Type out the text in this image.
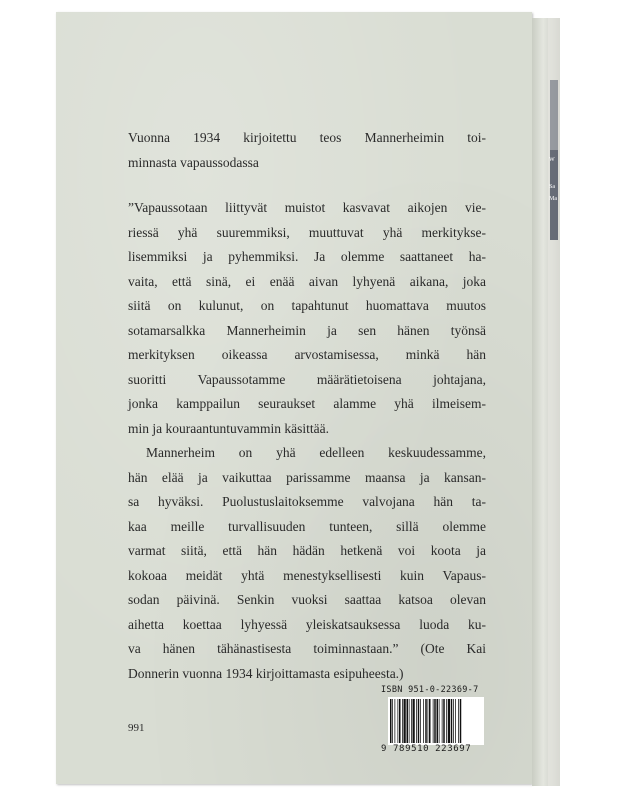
W
Sa
Ma
Vuonna 1934 kirjoitettu teos Mannerheimin toi-
minnasta vapaussodassa
”Vapaussotaan liittyvät muistot kasvavat aikojen vie-
riessä yhä suuremmiksi, muuttuvat yhä merkitykse-
lisemmiksi ja pyhemmiksi. Ja olemme saattaneet ha-
vaita, että sinä, ei enää aivan lyhyenä aikana, joka
siitä on kulunut, on tapahtunut huomattava muutos
sotamarsalkka Mannerheimin ja sen hänen työnsä
merkityksen oikeassa arvostamisessa, minkä hän
suoritti Vapaussotamme määrätietoisena johtajana,
jonka kamppailun seuraukset alamme yhä ilmeisem-
min ja kouraantuntuvammin käsittää.
Mannerheim on yhä edelleen keskuudessamme,
hän elää ja vaikuttaa parissamme maansa ja kansan-
sa hyväksi. Puolustuslaitoksemme valvojana hän ta-
kaa meille turvallisuuden tunteen, sillä olemme
varmat siitä, että hän hädän hetkenä voi koota ja
kokoaa meidät yhtä menestyksellisesti kuin Vapaus-
sodan päivinä. Senkin vuoksi saattaa katsoa olevan
aihetta koettaa lyhyessä yleiskatsauksessa luoda ku-
va hänen tähänastisesta toiminnastaan.” (Ote Kai
Donnerin vuonna 1934 kirjoittamasta esipuheesta.)
991
ISBN 951-0-22369-7
9 789510 223697
